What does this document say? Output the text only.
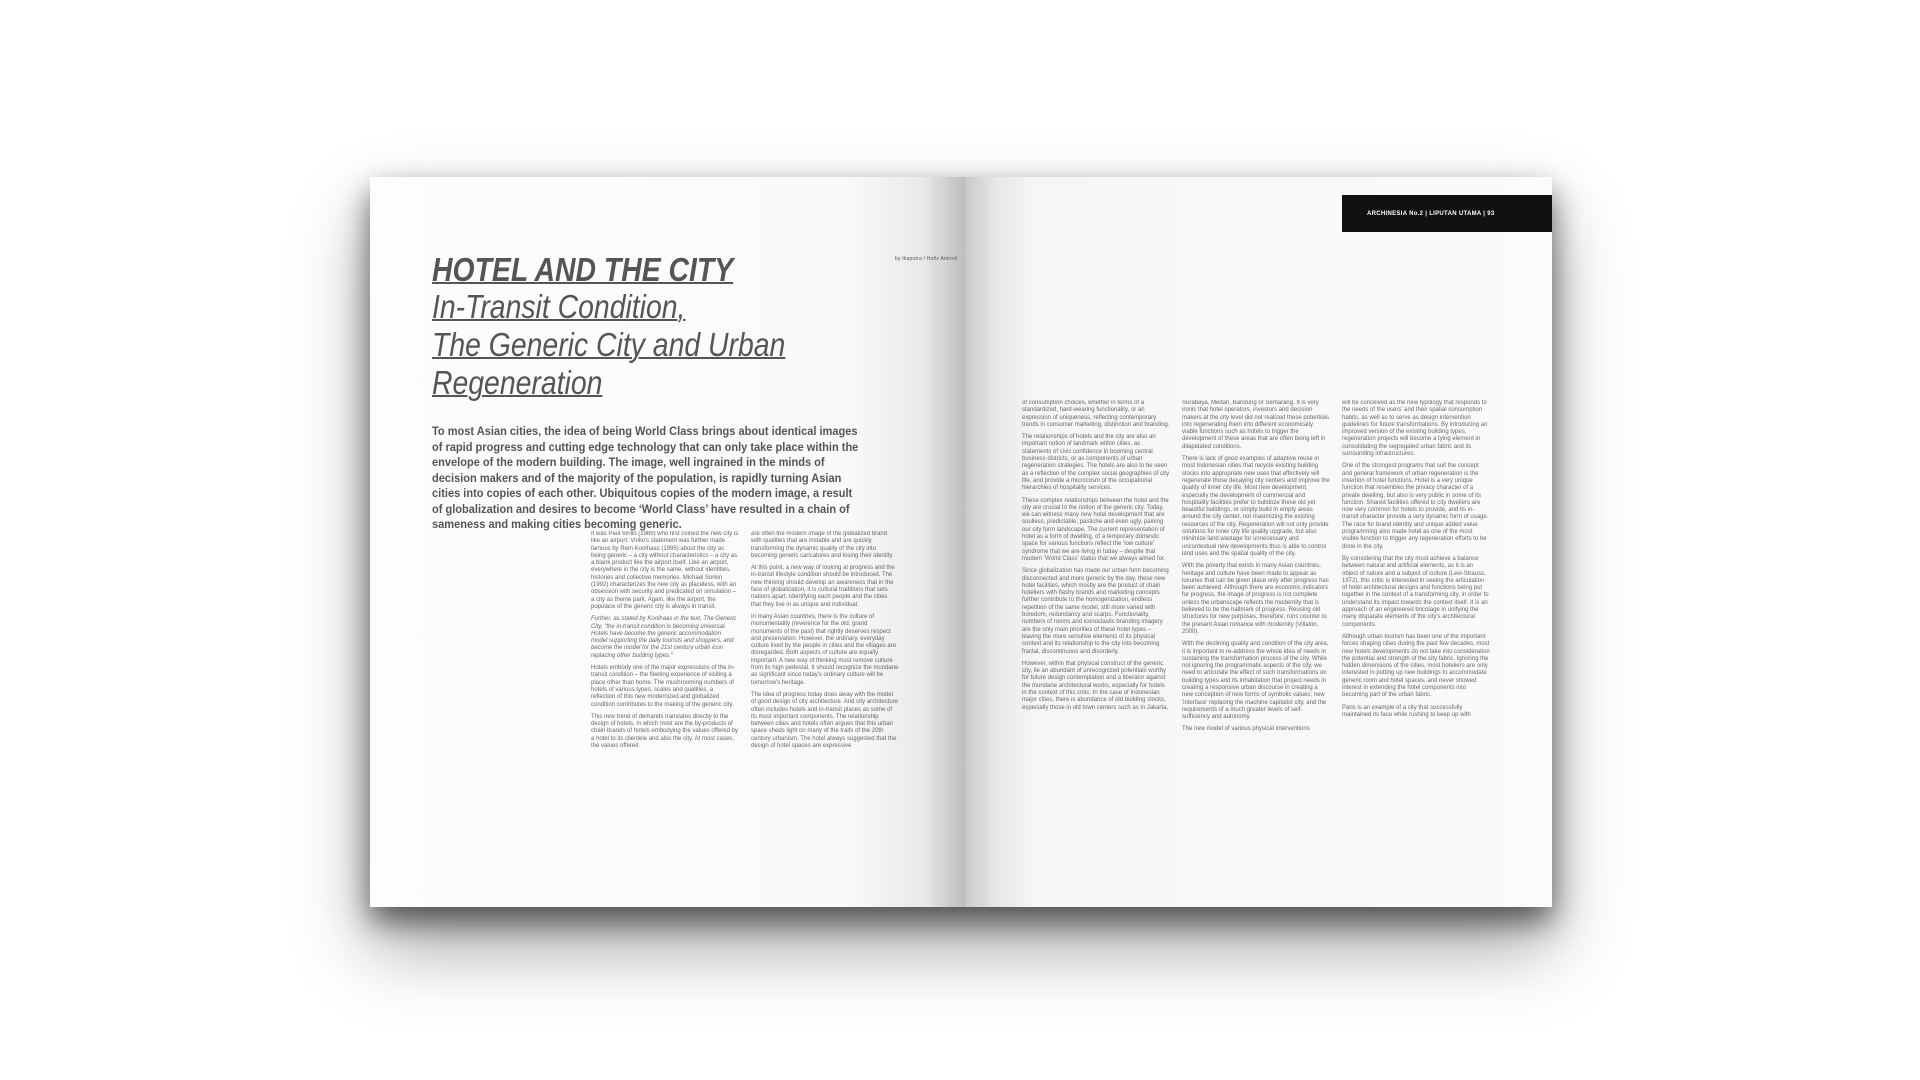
by Ikaputra / Hafiz Amirrol
ARCHINESIA No.2 | LIPUTAN UTAMA | 93
HOTEL AND THE CITY
In-Transit Condition,
The Generic City and Urban
Regeneration
To most Asian cities, the idea of being World Class brings about identical images of rapid progress and cutting edge technology that can only take place within the envelope of the modern building. The image, well ingrained in the minds of decision makers and of the majority of the population, is rapidly turning Asian cities into copies of each other. Ubiquitous copies of the modern image, a result of globalization and desires to become ‘World Class’ have resulted in a chain of sameness and making cities becoming generic.

It was Paul Virilio (1989) who first coined the new city is like an airport. Virilio's statement was further made famous by Rem Koolhaas (1995) about the city as being generic – a city without characteristics – a city as a blank product like the airport itself. Like an airport, everywhere in the city is the same, without identities, histories and collective memories. Michael Sorkin (1992) characterizes the new city as placeless, with an obsession with security and predicated on simulation – a city as theme park. Again, like the airport, the populace of the generic city is always in transit.

Further, as stated by Koolhaas in the text, The Generic City, "the in-transit condition is becoming universal. Hotels have become the generic accommodation model supporting the daily tourists and shoppers, and become the model for the 21st century urban icon replacing other building types."

Hotels embody one of the major expressions of the in-transit condition – the fleeting experience of visiting a place other than home. The mushrooming numbers of hotels of various types, scales and qualities, a reflection of this new modernized and globalized condition contributes to the making of the generic city.

This new trend of demands translates directly to the design of hotels, in which most are the by-products of chain brands of hotels embodying the values offered by a hotel to its clientele and also the city. At most cases, the values offered

are often the modern image of the globalized brand with qualities that are instable and are quickly transforming the dynamic quality of the city into becoming generic caricatures and losing their identity.

At this point, a new way of looking at progress and the in-transit lifestyle condition should be introduced. The new thinking should develop an awareness that in the face of globalization, it is cultural traditions that sets nations apart, identifying each people and the cities that they live in as unique and individual.

In many Asian countries, there is the culture of monumentality (reverence for the old, grand monuments of the past) that rightly deserves respect and preservation. However, the ordinary, everyday culture lived by the people in cities and the villages are disregarded. Both aspects of culture are equally important. A new way of thinking must remove culture from its high pedestal. It should recognize the mundane as significant since today's ordinary culture will be tomorrow's heritage.

The idea of progress today does away with the model of good design of city architecture. And city architecture often includes hotels and in-transit places as some of its most important components. The relationship between cities and hotels often argues that this urban space sheds light on many of the traits of the 20th century urbanism. The hotel always suggested that the design of hotel spaces are expressive

of consumption choices, whether in terms of a standardized, hard-wearing functionality, or an expression of uniqueness, reflecting contemporary trends in consumer marketing, distinction and branding.

The relationships of hotels and the city are also an important notion of landmark within cities, as statements of civic confidence in booming central business districts, or as components of urban regeneration strategies. The hotels are also to be seen as a reflection of the complex social geographies of city life, and provide a microcosm of the occupational hierarchies of hospitality services.

These complex relationships between the hotel and the city are crucial to the notion of the generic city. Today, we can witness many new hotel development that are soulless, predictable, pastiche and even ugly, paining our city form landscape. The current representation of hotel as a form of dwelling, of a temporary domestic space for various functions reflect the 'low culture' syndrome that we are living in today – despite that modern 'World Class' status that we always aimed for.

Since globalization has made our urban form becoming disconnected and more generic by the day, these new hotel facilities, which mostly are the product of chain hoteliers with flashy brands and marketing concepts further contribute to the homogenization, endless repetition of the same model, still more varied with boredom, redundancy and scarps. Functionality, numbers of rooms and iconoclastic branding imagery are the only main priorities of these hotel types – leaving the more sensitive elements of its physical context and its relationship to the city into becoming fractal, discontinuous and disorderly.

However, within that physical construct of the generic city, lie an abundant of unrecognized potentials worthy for future design contemplation and a liberator against the mundane architectural works, especially for hotels in the context of this critic. In the case of Indonesian major cities, there is abundance of old building stocks, especially those in old town centers such as in Jakarta,

Surabaya, Medan, Bandung or Semarang. It is very ironic that hotel operators, investors and decision makers at the city level did not realized these potentials into regenerating them into different economically viable functions such as hotels to trigger the development of these areas that are often being left in dilapidated conditions.

There is lack of good examples of adaptive reuse in most Indonesian cities that recycle existing building stocks into appropriate new uses that effectively will regenerate those decaying city centers and improve the quality of inner city life. Most new development, especially the development of commercial and hospitality facilities prefer to bulldoze these old yet beautiful buildings, or simply build in empty areas around the city center, not maximizing the existing resources of the city. Regeneration will not only provide solutions for inner city life quality upgrade, but also minimize land wastage for unnecessary and uncontextual new developments thus is able to control land uses and the spatial quality of the city.

With the poverty that exists in many Asian countries, heritage and culture have been made to appear as luxuries that can be given place only after progress has been achieved. Although there are economic indicators for progress, the image of progress is not complete unless the urbanscape reflects the modernity that is believed to be the hallmark of progress. Reusing old structures for new purposes, therefore, runs counter to the present Asian romance with modernity (Villalón, 2000).

With the declining quality and condition of the city area, it is important to re-address the whole idea of needs in sustaining the transformation process of the city. While not ignoring the programmatic aspects of the city, we need to articulate the effect of such transformations on building types and its inhabitation that project needs in creating a responsive urban discourse in creating a new conception of new forms of symbolic values; new 'interface' replacing the machine capitalist city, and the requirements of a much greater levels of self-sufficiency and autonomy.

The new model of various physical interventions

will be conceived as the new typology that responds to the needs of the users' and their spatial consumption habits, as well as to serve as design intervention guidelines for future transformations. By introducing an improved version of the existing building types, regeneration projects will become a tying element in consolidating the segregated urban fabric and its surrounding infrastructures.

One of the strongest programs that suit the concept and general framework of urban regeneration is the insertion of hotel functions. Hotel is a very unique function that resembles the privacy character of a private dwelling, but also is very public in some of its function. Shared facilities offered to city dwellers are now very common for hotels to provide, and its in-transit character provide a very dynamic form of usage. The race for brand identity and unique added value programming also made hotel as one of the most visible function to trigger any regeneration efforts to be done in the city.

By considering that the city must achieve a balance between natural and artificial elements, as it is an object of nature and a subject of culture (Levi-Strauss, 1972), this critic is interested in seeing the articulation of hotel architectural designs and functions being put together in the context of a transforming city, in order to understand its impact towards the context itself. It is an approach of an engineered bricolage in unifying the many disparate elements of the city's architectural components.

Although urban tourism has been one of the important forces shaping cities during the past few decades, most new hotels developments do not take into consideration the potential and strength of the city fabric. Ignoring the hidden dimensions of the cities, most hoteliers are only interested in putting up new buildings to accommodate generic room and hotel spaces, and never showed interest in extending the hotel components into becoming part of the urban fabric.

Paris is an example of a city that successfully maintained its face while rushing to keep up with
